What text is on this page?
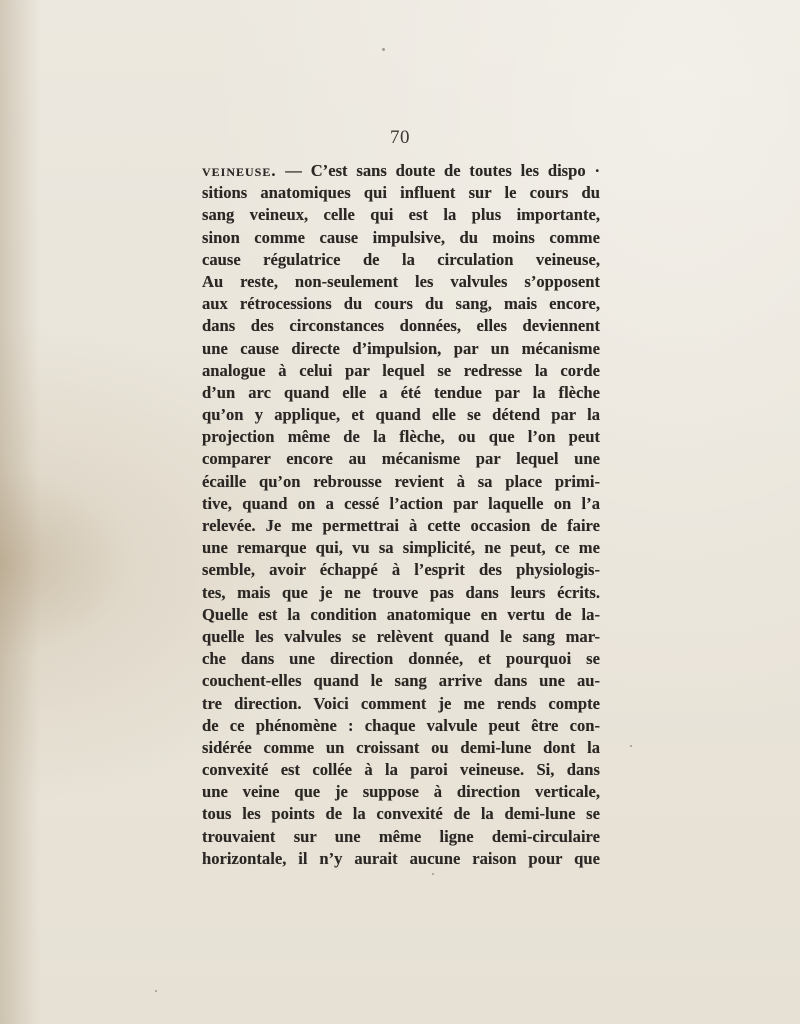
70
veineuse. — C’est sans doute de toutes les dispo ·
sitions anatomiques qui influent sur le cours du
sang veineux, celle qui est la plus importante,
sinon comme cause impulsive, du moins comme
cause régulatrice de la circulation veineuse,
Au reste, non-seulement les valvules s’opposent
aux rétrocessions du cours du sang, mais encore,
dans des circonstances données, elles deviennent
une cause directe d’impulsion, par un mécanisme
analogue à celui par lequel se redresse la corde
d’un arc quand elle a été tendue par la flèche
qu’on y applique, et quand elle se détend par la
projection même de la flèche, ou que l’on peut
comparer encore au mécanisme par lequel une
écaille qu’on rebrousse revient à sa place primi-
tive, quand on a cessé l’action par laquelle on l’a
relevée. Je me permettrai à cette occasion de faire
une remarque qui, vu sa simplicité, ne peut, ce me
semble, avoir échappé à l’esprit des physiologis-
tes, mais que je ne trouve pas dans leurs écrits.
Quelle est la condition anatomique en vertu de la-
quelle les valvules se relèvent quand le sang mar-
che dans une direction donnée, et pourquoi se
couchent-elles quand le sang arrive dans une au-
tre direction. Voici comment je me rends compte
de ce phénomène : chaque valvule peut être con-
sidérée comme un croissant ou demi-lune dont la
convexité est collée à la paroi veineuse. Si, dans
une veine que je suppose à direction verticale,
tous les points de la convexité de la demi-lune se
trouvaient sur une même ligne demi-circulaire
horizontale, il n’y aurait aucune raison pour que
